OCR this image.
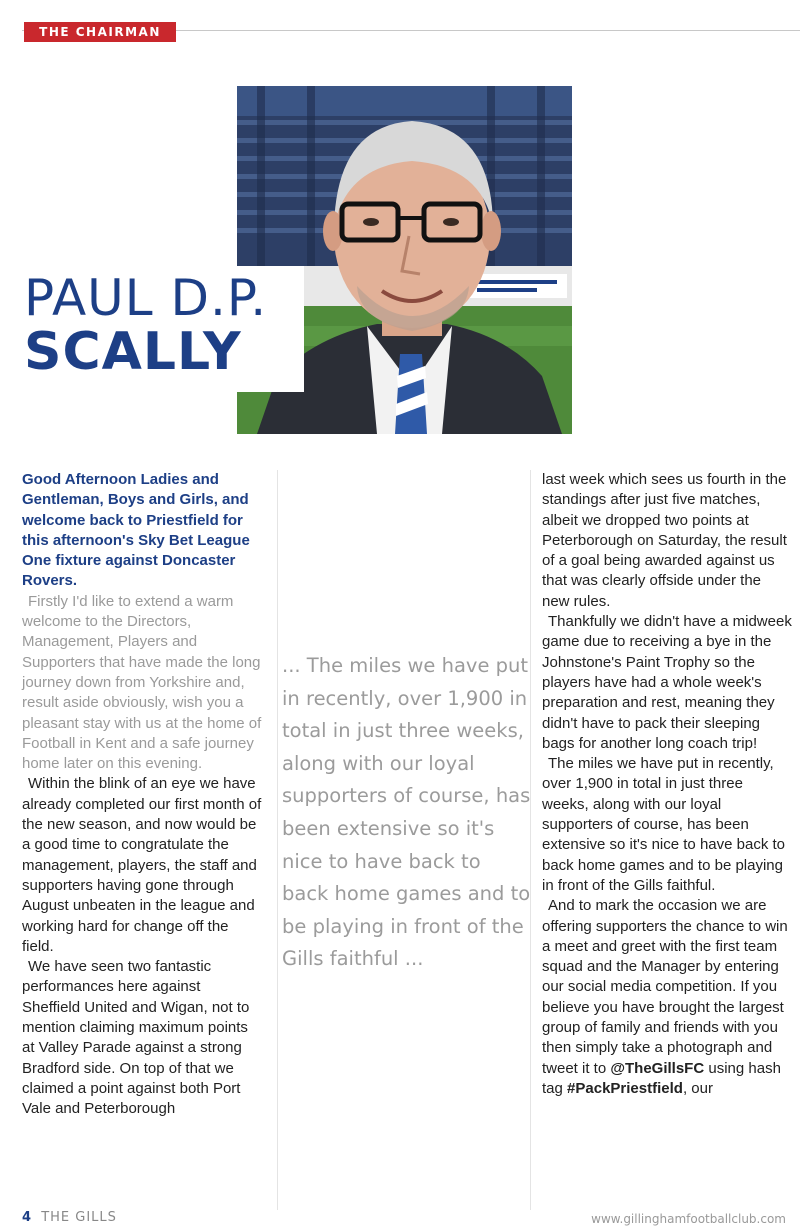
THE CHAIRMAN
PAUL D.P.
SCALLY

Good Afternoon Ladies and Gentleman, Boys and Girls, and welcome back to Priestfield for this afternoon's Sky Bet League One fixture against Doncaster Rovers.

Firstly I'd like to extend a warm welcome to the Directors, Management, Players and Supporters that have made the long journey down from Yorkshire and, result aside obviously, wish you a pleasant stay with us at the home of Football in Kent and a safe journey home later on this evening.

Within the blink of an eye we have already completed our first month of the new season, and now would be a good time to congratulate the management, players, the staff and supporters having gone through August unbeaten in the league and working hard for change off the field.

We have seen two fantastic performances here against Sheffield United and Wigan, not to mention claiming maximum points at Valley Parade against a strong Bradford side. On top of that we claimed a point against both Port Vale and Peterborough

... The miles we have put in recently, over 1,900 in total in just three weeks, along with our loyal supporters of course, has been extensive so it's nice to have back to back home games and to be playing in front of the Gills faithful ...

last week which sees us fourth in the standings after just five matches, albeit we dropped two points at Peterborough on Saturday, the result of a goal being awarded against us that was clearly offside under the new rules.

Thankfully we didn't have a midweek game due to receiving a bye in the Johnstone's Paint Trophy so the players have had a whole week's preparation and rest, meaning they didn't have to pack their sleeping bags for another long coach trip!

The miles we have put in recently, over 1,900 in total in just three weeks, along with our loyal supporters of course, has been extensive so it's nice to have back to back home games and to be playing in front of the Gills faithful.

And to mark the occasion we are offering supporters the chance to win a meet and greet with the first team squad and the Manager by entering our social media competition. If you believe you have brought the largest group of family and friends with you then simply take a photograph and tweet it to @TheGillsFC using hash tag #PackPriestfield, our

4 THE GILLS	www.gillinghamfootballclub.com
